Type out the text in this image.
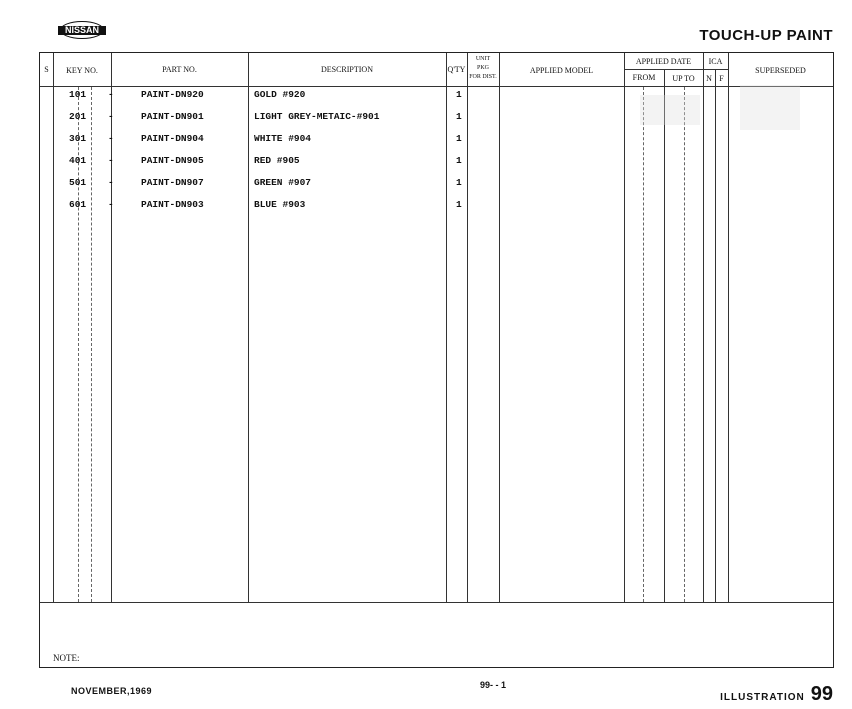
NISSAN	TOUCH-UP PAINT
S	KEY NO.	PART NO.	DESCRIPTION	Q'TY
UNIT
PKG
FOR DIST.
APPLIED MODEL
APPLIED DATE
FROM	UP TO
ICA
N F
SUPERSEDED
NOTE:
101 -	PAINT-DN920	GOLD #920	1
201 -	PAINT-DN901	LIGHT GREY-METAIC-#901	1
301 -	PAINT-DN904	WHITE #904	1
401 -	PAINT-DN905	RED #905	1
501 -	PAINT-DN907	GREEN #907	1
601 -	PAINT-DN903	BLUE #903	1
NOVEMBER,1969
99- - 1
ILLUSTRATION 99
